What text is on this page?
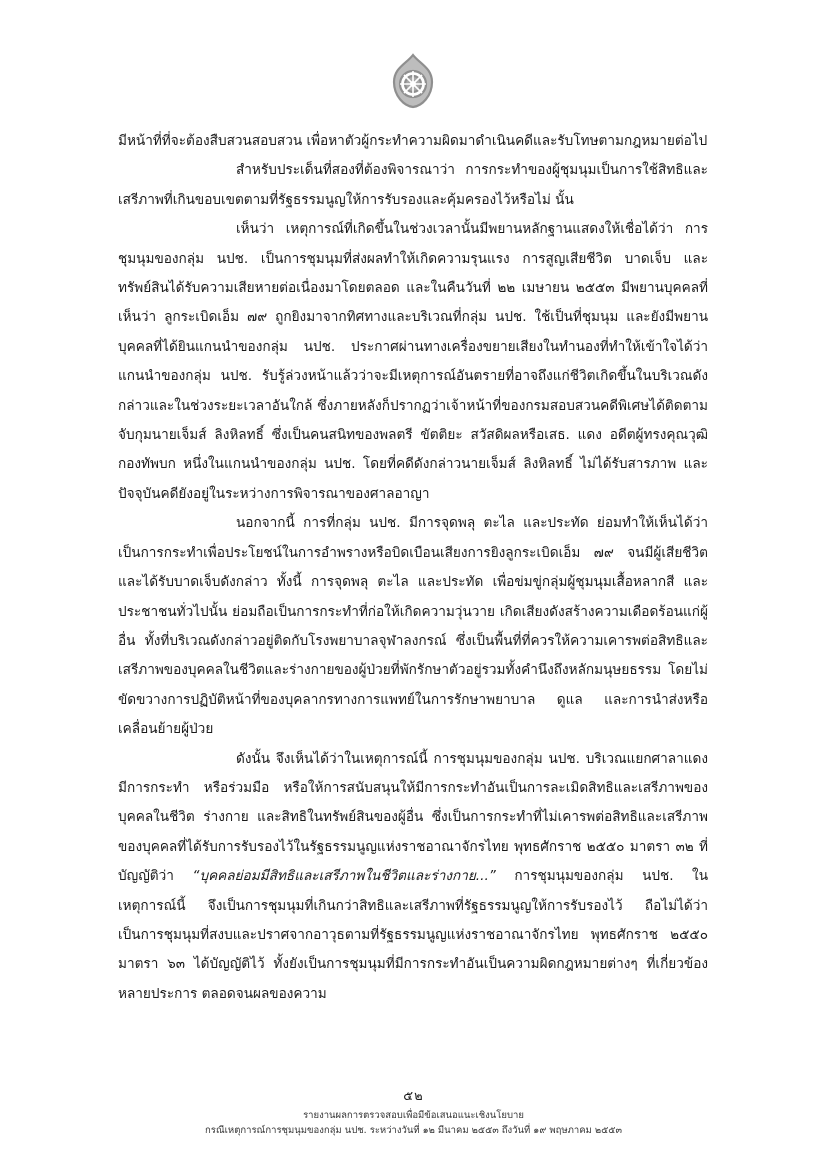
มีหน้าที่ที่จะต้องสืบสวนสอบสวน เพื่อหาตัวผู้กระทำความผิดมาดำเนินคดีและรับโทษตามกฎหมายต่อไป

สำหรับประเด็นที่สองที่ต้องพิจารณาว่า การกระทำของผู้ชุมนุมเป็นการใช้สิทธิและเสรีภาพที่เกินขอบเขตตามที่รัฐธรรมนูญให้การรับรองและคุ้มครองไว้หรือไม่ นั้น

เห็นว่า เหตุการณ์ที่เกิดขึ้นในช่วงเวลานั้นมีพยานหลักฐานแสดงให้เชื่อได้ว่า การชุมนุมของกลุ่ม นปช. เป็นการชุมนุมที่ส่งผลทำให้เกิดความรุนแรง การสูญเสียชีวิต บาดเจ็บ และทรัพย์สินได้รับความเสียหายต่อเนื่องมาโดยตลอด และในคืนวันที่ ๒๒ เมษายน ๒๕๕๓ มีพยานบุคคลที่เห็นว่า ลูกระเบิดเอ็ม ๗๙ ถูกยิงมาจากทิศทางและบริเวณที่กลุ่ม นปช. ใช้เป็นที่ชุมนุม และยังมีพยานบุคคลที่ได้ยินแกนนำของกลุ่ม นปช. ประกาศผ่านทางเครื่องขยายเสียงในทำนองที่ทำให้เข้าใจได้ว่า แกนนำของกลุ่ม นปช. รับรู้ล่วงหน้าแล้วว่าจะมีเหตุการณ์อันตรายที่อาจถึงแก่ชีวิตเกิดขึ้นในบริเวณดังกล่าวและในช่วงระยะเวลาอันใกล้ ซึ่งภายหลังก็ปรากฏว่าเจ้าหน้าที่ของกรมสอบสวนคดีพิเศษได้ติดตามจับกุมนายเจ็มส์ ลิงหิลทธิ์ ซึ่งเป็นคนสนิทของพลตรี ขัตติยะ สวัสดิผลหรือเสธ. แดง อดีตผู้ทรงคุณวุฒิกองทัพบก หนึ่งในแกนนำของกลุ่ม นปช. โดยที่คดีดังกล่าวนายเจ็มส์ ลิงหิลทธิ์ ไม่ได้รับสารภาพ และปัจจุบันคดียังอยู่ในระหว่างการพิจารณาของศาลอาญา

นอกจากนี้ การที่กลุ่ม นปช. มีการจุดพลุ ตะไล และประทัด ย่อมทำให้เห็นได้ว่า เป็นการกระทำเพื่อประโยชน์ในการอำพรางหรือบิดเบือนเสียงการยิงลูกระเบิดเอ็ม ๗๙ จนมีผู้เสียชีวิตและได้รับบาดเจ็บดังกล่าว ทั้งนี้ การจุดพลุ ตะไล และประทัด เพื่อข่มขู่กลุ่มผู้ชุมนุมเสื้อหลากสี และประชาชนทั่วไปนั้น ย่อมถือเป็นการกระทำที่ก่อให้เกิดความวุ่นวาย เกิดเสียงดังสร้างความเดือดร้อนแก่ผู้อื่น ทั้งที่บริเวณดังกล่าวอยู่ติดกับโรงพยาบาลจุฬาลงกรณ์ ซึ่งเป็นพื้นที่ที่ควรให้ความเคารพต่อสิทธิและเสรีภาพของบุคคลในชีวิตและร่างกายของผู้ป่วยที่พักรักษาตัวอยู่รวมทั้งคำนึงถึงหลักมนุษยธรรม โดยไม่ขัดขวางการปฏิบัติหน้าที่ของบุคลากรทางการแพทย์ในการรักษาพยาบาล ดูแล และการนำส่งหรือเคลื่อนย้ายผู้ป่วย

ดังนั้น จึงเห็นได้ว่าในเหตุการณ์นี้ การชุมนุมของกลุ่ม นปช. บริเวณแยกศาลาแดง มีการกระทำ หรือร่วมมือ หรือให้การสนับสนุนให้มีการกระทำอันเป็นการละเมิดสิทธิและเสรีภาพของบุคคลในชีวิต ร่างกาย และสิทธิในทรัพย์สินของผู้อื่น ซึ่งเป็นการกระทำที่ไม่เคารพต่อสิทธิและเสรีภาพของบุคคลที่ได้รับการรับรองไว้ในรัฐธรรมนูญแห่งราชอาณาจักรไทย พุทธศักราช ๒๕๕๐ มาตรา ๓๒ ที่บัญญัติว่า “บุคคลย่อมมีสิทธิและเสรีภาพในชีวิตและร่างกาย...” การชุมนุมของกลุ่ม นปช. ในเหตุการณ์นี้ จึงเป็นการชุมนุมที่เกินกว่าสิทธิและเสรีภาพที่รัฐธรรมนูญให้การรับรองไว้ ถือไม่ได้ว่าเป็นการชุมนุมที่สงบและปราศจากอาวุธตามที่รัฐธรรมนูญแห่งราชอาณาจักรไทย พุทธศักราช ๒๕๕๐ มาตรา ๖๓ ได้บัญญัติไว้ ทั้งยังเป็นการชุมนุมที่มีการกระทำอันเป็นความผิดกฎหมายต่างๆ ที่เกี่ยวข้องหลายประการ ตลอดจนผลของความ

๕๒
รายงานผลการตรวจสอบเพื่อมีข้อเสนอแนะเชิงนโยบาย
กรณีเหตุการณ์การชุมนุมของกลุ่ม นปช. ระหว่างวันที่ ๑๒ มีนาคม ๒๕๕๓ ถึงวันที่ ๑๙ พฤษภาคม ๒๕๕๓
